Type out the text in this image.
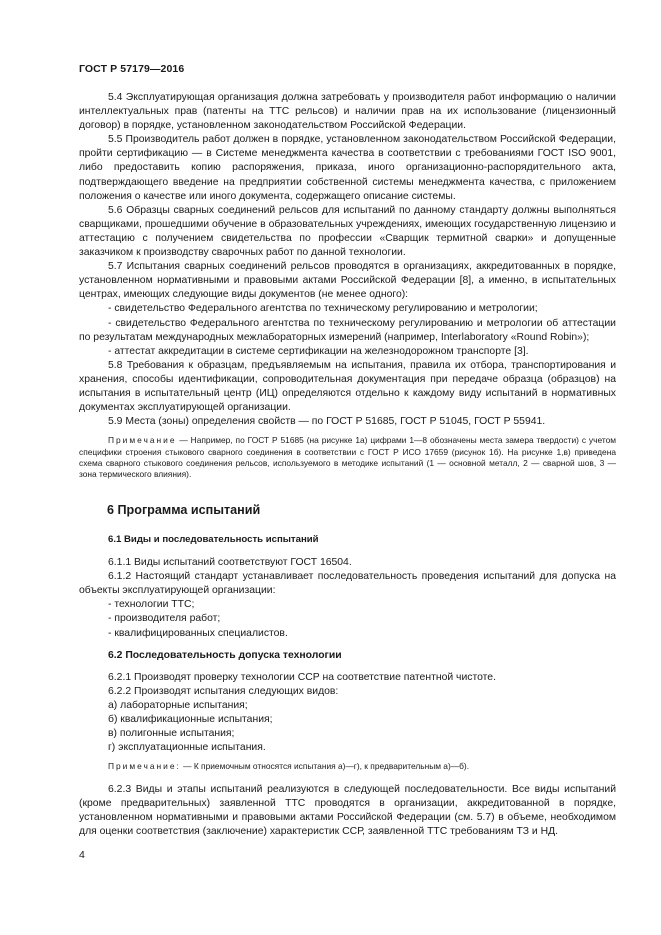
ГОСТ Р 57179—2016

5.4 Эксплуатирующая организация должна затребовать у производителя работ информацию о наличии интеллектуальных прав (патенты на ТТС рельсов) и наличии прав на их использование (лицензионный договор) в порядке, установленном законодательством Российской Федерации.

5.5 Производитель работ должен в порядке, установленном законодательством Российской Федерации, пройти сертификацию — в Системе менеджмента качества в соответствии с требованиями ГОСТ ISO 9001, либо предоставить копию распоряжения, приказа, иного организационно-распорядительного акта, подтверждающего введение на предприятии собственной системы менеджмента качества, с приложением положения о качестве или иного документа, содержащего описание системы.

5.6 Образцы сварных соединений рельсов для испытаний по данному стандарту должны выполняться сварщиками, прошедшими обучение в образовательных учреждениях, имеющих государственную лицензию и аттестацию с получением свидетельства по профессии «Сварщик термитной сварки» и допущенные заказчиком к производству сварочных работ по данной технологии.

5.7 Испытания сварных соединений рельсов проводятся в организациях, аккредитованных в порядке, установленном нормативными и правовыми актами Российской Федерации [8], а именно, в испытательных центрах, имеющих следующие виды документов (не менее одного):

- свидетельство Федерального агентства по техническому регулированию и метрологии;

- свидетельство Федерального агентства по техническому регулированию и метрологии об аттестации по результатам международных межлабораторных измерений (например, Interlaboratory «Round Robin»);

- аттестат аккредитации в системе сертификации на железнодорожном транспорте [3].

5.8 Требования к образцам, предъявляемым на испытания, правила их отбора, транспортирования и хранения, способы идентификации, сопроводительная документация при передаче образца (образцов) на испытания в испытательный центр (ИЦ) определяются отдельно к каждому виду испытаний в нормативных документах эксплуатирующей организации.

5.9 Места (зоны) определения свойств — по ГОСТ Р 51685, ГОСТ Р 51045, ГОСТ Р 55941.

Примечание — Например, по ГОСТ Р 51685 (на рисунке 1а) цифрами 1—8 обозначены места замера твердости) с учетом специфики строения стыкового сварного соединения в соответствии с ГОСТ Р ИСО 17659 (рисунок 1б). На рисунке 1,в) приведена схема сварного стыкового соединения рельсов, используемого в методике испытаний (1 — основной металл, 2 — сварной шов, 3 — зона термического влияния).

6 Программа испытаний

6.1 Виды и последовательность испытаний

6.1.1 Виды испытаний соответствуют ГОСТ 16504.

6.1.2 Настоящий стандарт устанавливает последовательность проведения испытаний для допуска на объекты эксплуатирующей организации:

- технологии ТТС;

- производителя работ;

- квалифицированных специалистов.

6.2 Последовательность допуска технологии

6.2.1 Производят проверку технологии ССР на соответствие патентной чистоте.

6.2.2 Производят испытания следующих видов:

а) лабораторные испытания;

б) квалификационные испытания;

в) полигонные испытания;

г) эксплуатационные испытания.

Примечание: — К приемочным относятся испытания а)—г), к предварительным а)—б).

6.2.3 Виды и этапы испытаний реализуются в следующей последовательности. Все виды испытаний (кроме предварительных) заявленной ТТС проводятся в организации, аккредитованной в порядке, установленном нормативными и правовыми актами Российской Федерации (см. 5.7) в объеме, необходимом для оценки соответствия (заключение) характеристик ССР, заявленной ТТС требованиям ТЗ и НД.

4
